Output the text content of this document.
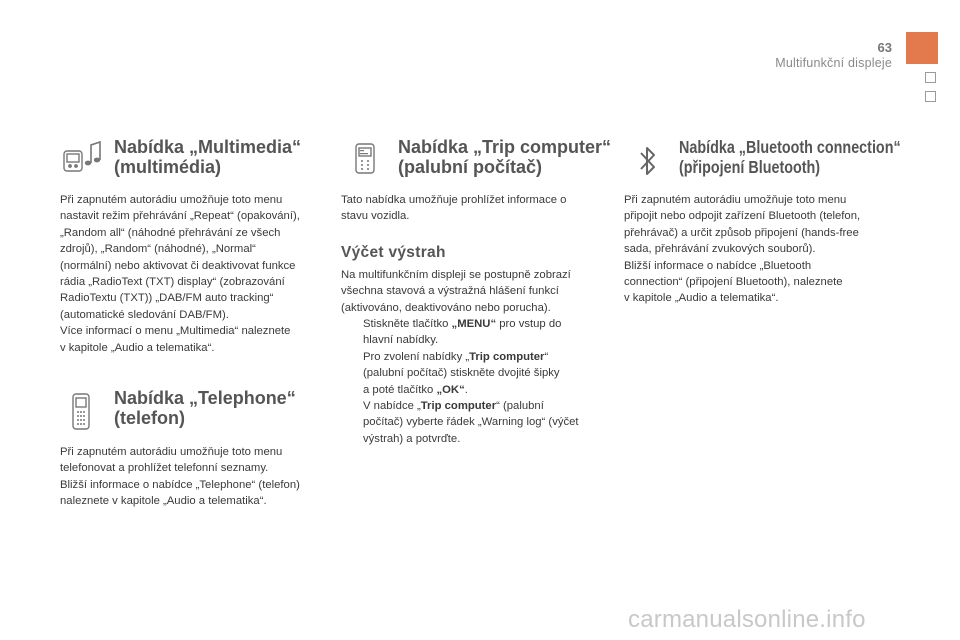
63
Multifunkční displeje
Nabídka „Multimedia“
(multimédia)
Při zapnutém autorádiu umožňuje toto menu
nastavit režim přehrávání „Repeat“ (opakování),
„Random all“ (náhodné přehrávání ze všech
zdrojů), „Random“ (náhodné), „Normal“
(normální) nebo aktivovat či deaktivovat funkce
rádia „RadioText (TXT) display“ (zobrazování
RadioTextu (TXT)) „DAB/FM auto tracking“
(automatické sledování DAB/FM).
Více informací o menu „Multimedia“ naleznete
v kapitole „Audio a telematika“.
Nabídka „Telephone“
(telefon)
Při zapnutém autorádiu umožňuje toto menu
telefonovat a prohlížet telefonní seznamy.
Bližší informace o nabídce „Telephone“ (telefon)
naleznete v kapitole „Audio a telematika“.
Nabídka „Trip computer“
(palubní počítač)
Tato nabídka umožňuje prohlížet informace o
stavu vozidla.
Výčet výstrah
Na multifunkčním displeji se postupně zobrazí
všechna stavová a výstražná hlášení funkcí
(aktivováno, deaktivováno nebo porucha).
Stiskněte tlačítko „MENU“ pro vstup do
hlavní nabídky.
Pro zvolení nabídky „Trip computer“
(palubní počítač) stiskněte dvojité šipky
a poté tlačítko „OK“.
V nabídce „Trip computer“ (palubní
počítač) vyberte řádek „Warning log“ (výčet
výstrah) a potvrďte.
Nabídka „Bluetooth connection“
(připojení Bluetooth)
Při zapnutém autorádiu umožňuje toto menu
připojit nebo odpojit zařízení Bluetooth (telefon,
přehrávač) a určit způsob připojení (hands-free
sada, přehrávání zvukových souborů).
Bližší informace o nabídce „Bluetooth
connection“ (připojení Bluetooth), naleznete
v kapitole „Audio a telematika“.
carmanualsonline.info
